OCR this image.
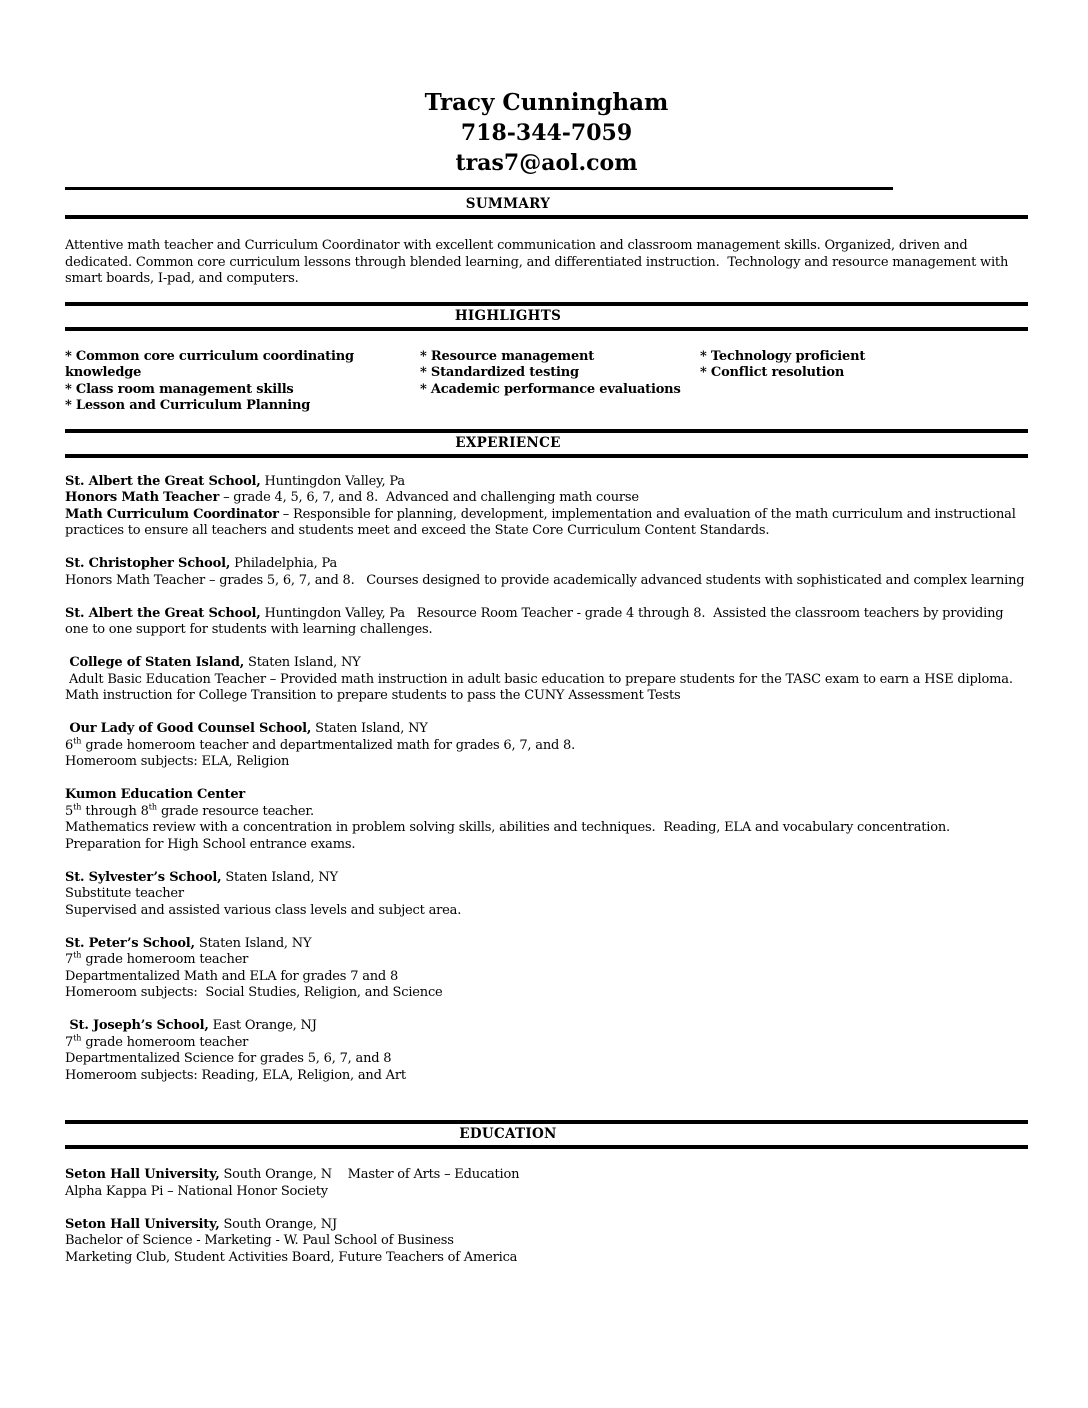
Tracy Cunningham
718-344-7059
tras7@aol.com
SUMMARY
Attentive math teacher and Curriculum Coordinator with excellent communication and classroom management skills. Organized, driven and dedicated. Common core curriculum lessons through blended learning, and differentiated instruction.  Technology and resource management with smart boards, I-pad, and computers.
HIGHLIGHTS
* Common core curriculum coordinating knowledge
* Class room management skills
* Lesson and Curriculum Planning
* Resource management
* Standardized testing
* Academic performance evaluations
* Technology proficient
* Conflict resolution
EXPERIENCE
St. Albert the Great School, Huntingdon Valley, Pa
Honors Math Teacher – grade 4, 5, 6, 7, and 8.  Advanced and challenging math course
Math Curriculum Coordinator – Responsible for planning, development, implementation and evaluation of the math curriculum and instructional practices to ensure all teachers and students meet and exceed the State Core Curriculum Content Standards.
St. Christopher School, Philadelphia, Pa
Honors Math Teacher – grades 5, 6, 7, and 8.   Courses designed to provide academically advanced students with sophisticated and complex learning
St. Albert the Great School, Huntingdon Valley, Pa   Resource Room Teacher - grade 4 through 8.  Assisted the classroom teachers by providing one to one support for students with learning challenges.
College of Staten Island, Staten Island, NY
Adult Basic Education Teacher – Provided math instruction in adult basic education to prepare students for the TASC exam to earn a HSE diploma.   Math instruction for College Transition to prepare students to pass the CUNY Assessment Tests
Our Lady of Good Counsel School, Staten Island, NY
6th grade homeroom teacher and departmentalized math for grades 6, 7, and 8.
Homeroom subjects: ELA, Religion
Kumon Education Center
5th through 8th grade resource teacher.
Mathematics review with a concentration in problem solving skills, abilities and techniques.  Reading, ELA and vocabulary concentration.  Preparation for High School entrance exams.
St. Sylvester’s School, Staten Island, NY
Substitute teacher
Supervised and assisted various class levels and subject area.
St. Peter’s School, Staten Island, NY
7th grade homeroom teacher
Departmentalized Math and ELA for grades 7 and 8
Homeroom subjects:  Social Studies, Religion, and Science
St. Joseph’s School, East Orange, NJ
7th grade homeroom teacher
Departmentalized Science for grades 5, 6, 7, and 8
Homeroom subjects: Reading, ELA, Religion, and Art
EDUCATION
Seton Hall University, South Orange, N    Master of Arts – Education
Alpha Kappa Pi – National Honor Society
Seton Hall University, South Orange, NJ
Bachelor of Science - Marketing - W. Paul School of Business
Marketing Club, Student Activities Board, Future Teachers of America
